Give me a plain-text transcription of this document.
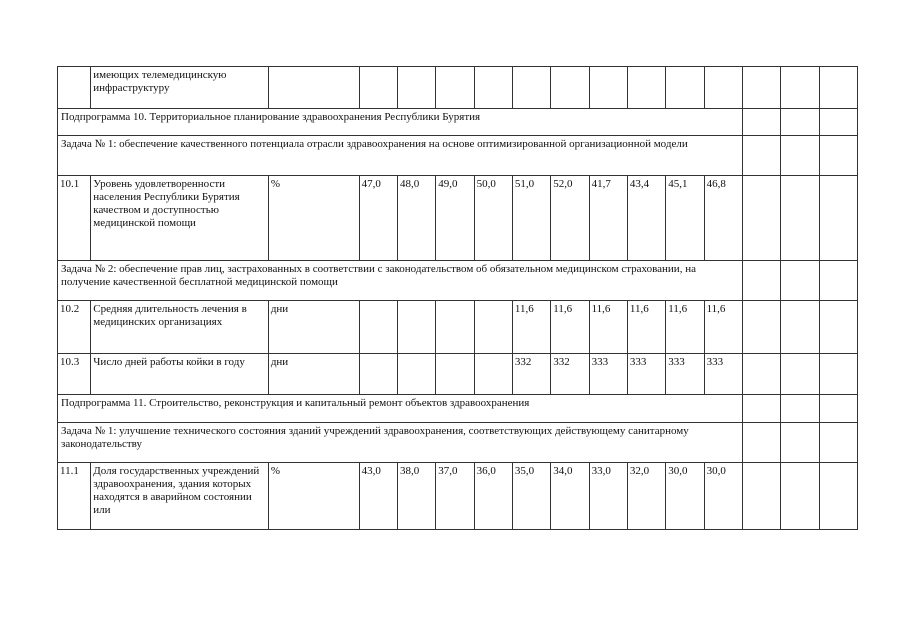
	имеющих телемедицинскую инфраструктуру														
Подпрограмма 10. Территориальное планирование здравоохранения Республики Бурятия															
Задача № 1: обеспечение качественного потенциала отрасли здравоохранения на основе оптимизированной организационной модели															
10.1	Уровень удовлетворенности населения Республики Бурятия качеством и доступностью медицинской помощи	%	47,0	48,0	49,0	50,0	51,0	52,0	41,7	43,4	45,1	46,8			
Задача № 2: обеспечение прав лиц, застрахованных в соответствии с законодательством об обязательном медицинском страховании, на получение качественной бесплатной медицинской помощи															
10.2	Средняя длительность лечения в медицинских организациях	дни					11,6	11,6	11,6	11,6	11,6	11,6			
10.3	Число дней работы койки в году	дни					332	332	333	333	333	333			
Подпрограмма 11. Строительство, реконструкция и капитальный ремонт объектов здравоохранения															
Задача № 1: улучшение технического состояния зданий учреждений здравоохранения, соответствующих действующему санитарному законодательству															
11.1	Доля государственных учреждений здравоохранения, здания которых находятся в аварийном состоянии или	%	43,0	38,0	37,0	36,0	35,0	34,0	33,0	32,0	30,0	30,0			
